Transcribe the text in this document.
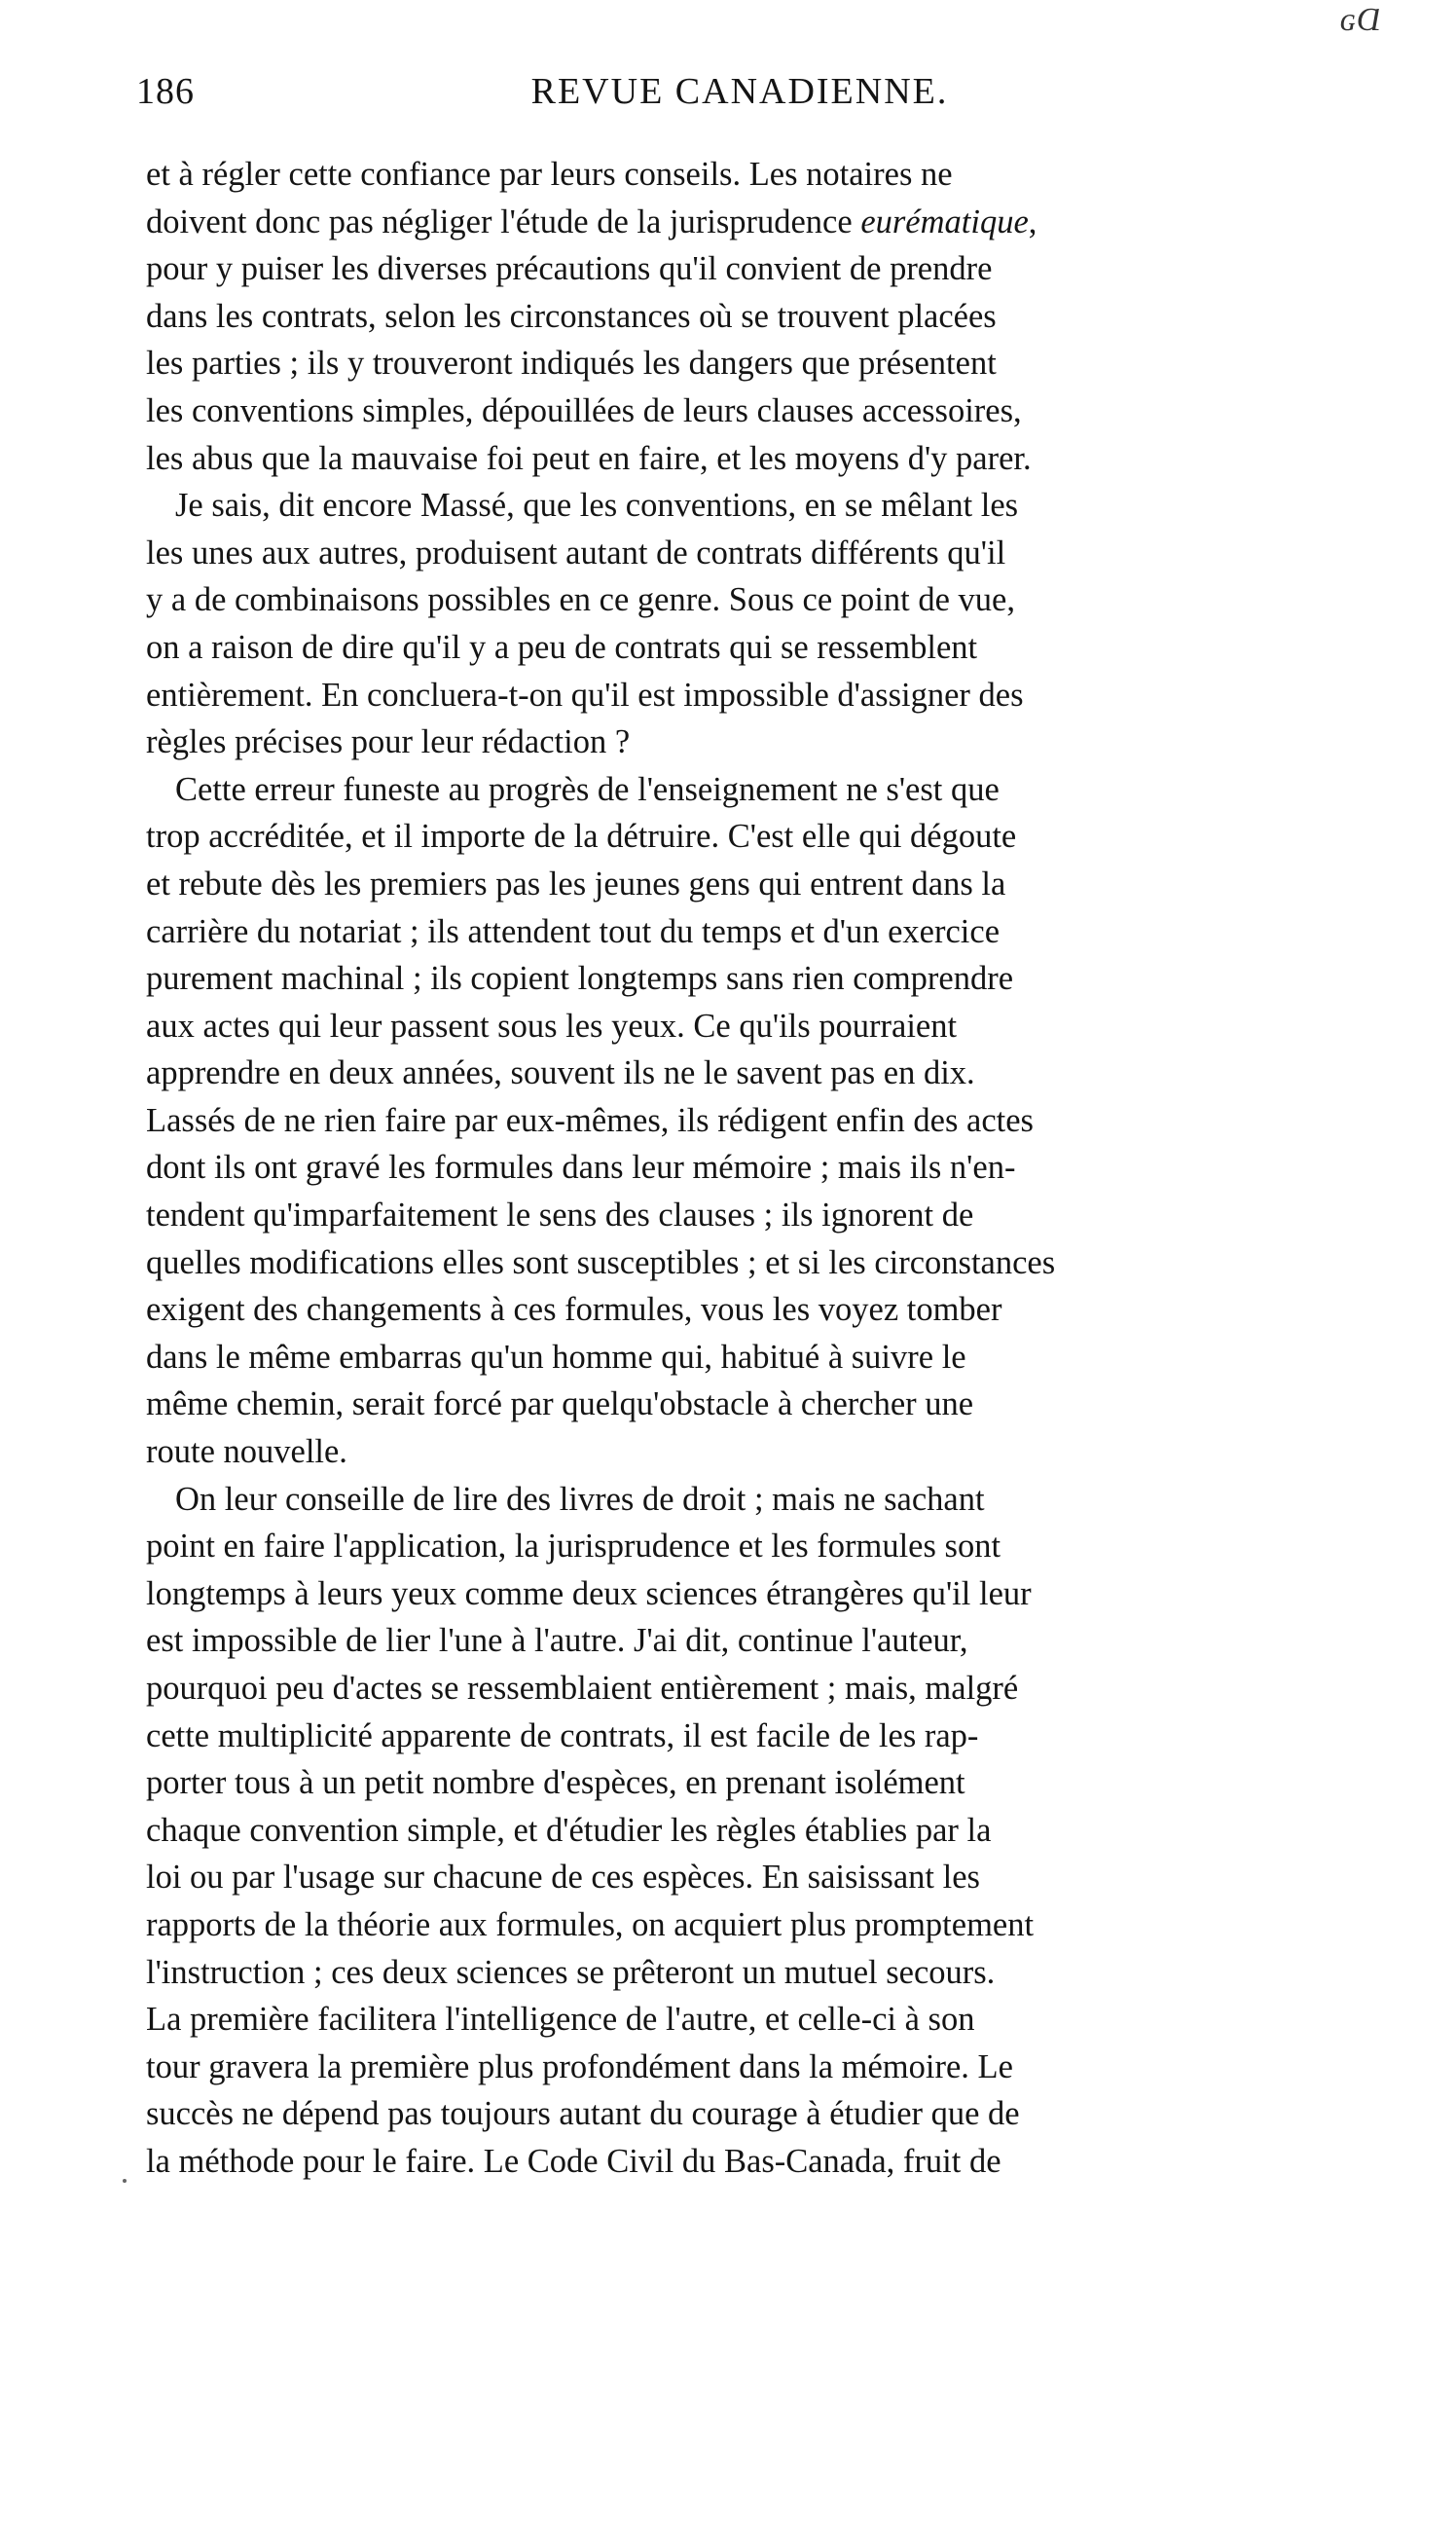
ɢⱭ
186	REVUE CANADIENNE.
et à régler cette confiance par leurs conseils. Les notaires ne
doivent donc pas négliger l'étude de la jurisprudence eurématique,
pour y puiser les diverses précautions qu'il convient de prendre
dans les contrats, selon les circonstances où se trouvent placées
les parties ; ils y trouveront indiqués les dangers que présentent
les conventions simples, dépouillées de leurs clauses accessoires,
les abus que la mauvaise foi peut en faire, et les moyens d'y parer.
Je sais, dit encore Massé, que les conventions, en se mêlant les
les unes aux autres, produisent autant de contrats différents qu'il
y a de combinaisons possibles en ce genre. Sous ce point de vue,
on a raison de dire qu'il y a peu de contrats qui se ressemblent
entièrement. En concluera-t-on qu'il est impossible d'assigner des
règles précises pour leur rédaction ?
Cette erreur funeste au progrès de l'enseignement ne s'est que
trop accréditée, et il importe de la détruire. C'est elle qui dégoute
et rebute dès les premiers pas les jeunes gens qui entrent dans la
carrière du notariat ; ils attendent tout du temps et d'un exercice
purement machinal ; ils copient longtemps sans rien comprendre
aux actes qui leur passent sous les yeux. Ce qu'ils pourraient
apprendre en deux années, souvent ils ne le savent pas en dix.
Lassés de ne rien faire par eux-mêmes, ils rédigent enfin des actes
dont ils ont gravé les formules dans leur mémoire ; mais ils n'en-
tendent qu'imparfaitement le sens des clauses ; ils ignorent de
quelles modifications elles sont susceptibles ; et si les circonstances
exigent des changements à ces formules, vous les voyez tomber
dans le même embarras qu'un homme qui, habitué à suivre le
même chemin, serait forcé par quelqu'obstacle à chercher une
route nouvelle.
On leur conseille de lire des livres de droit ; mais ne sachant
point en faire l'application, la jurisprudence et les formules sont
longtemps à leurs yeux comme deux sciences étrangères qu'il leur
est impossible de lier l'une à l'autre. J'ai dit, continue l'auteur,
pourquoi peu d'actes se ressemblaient entièrement ; mais, malgré
cette multiplicité apparente de contrats, il est facile de les rap-
porter tous à un petit nombre d'espèces, en prenant isolément
chaque convention simple, et d'étudier les règles établies par la
loi ou par l'usage sur chacune de ces espèces. En saisissant les
rapports de la théorie aux formules, on acquiert plus promptement
l'instruction ; ces deux sciences se prêteront un mutuel secours.
La première facilitera l'intelligence de l'autre, et celle-ci à son
tour gravera la première plus profondément dans la mémoire. Le
succès ne dépend pas toujours autant du courage à étudier que de
la méthode pour le faire. Le Code Civil du Bas-Canada, fruit de
